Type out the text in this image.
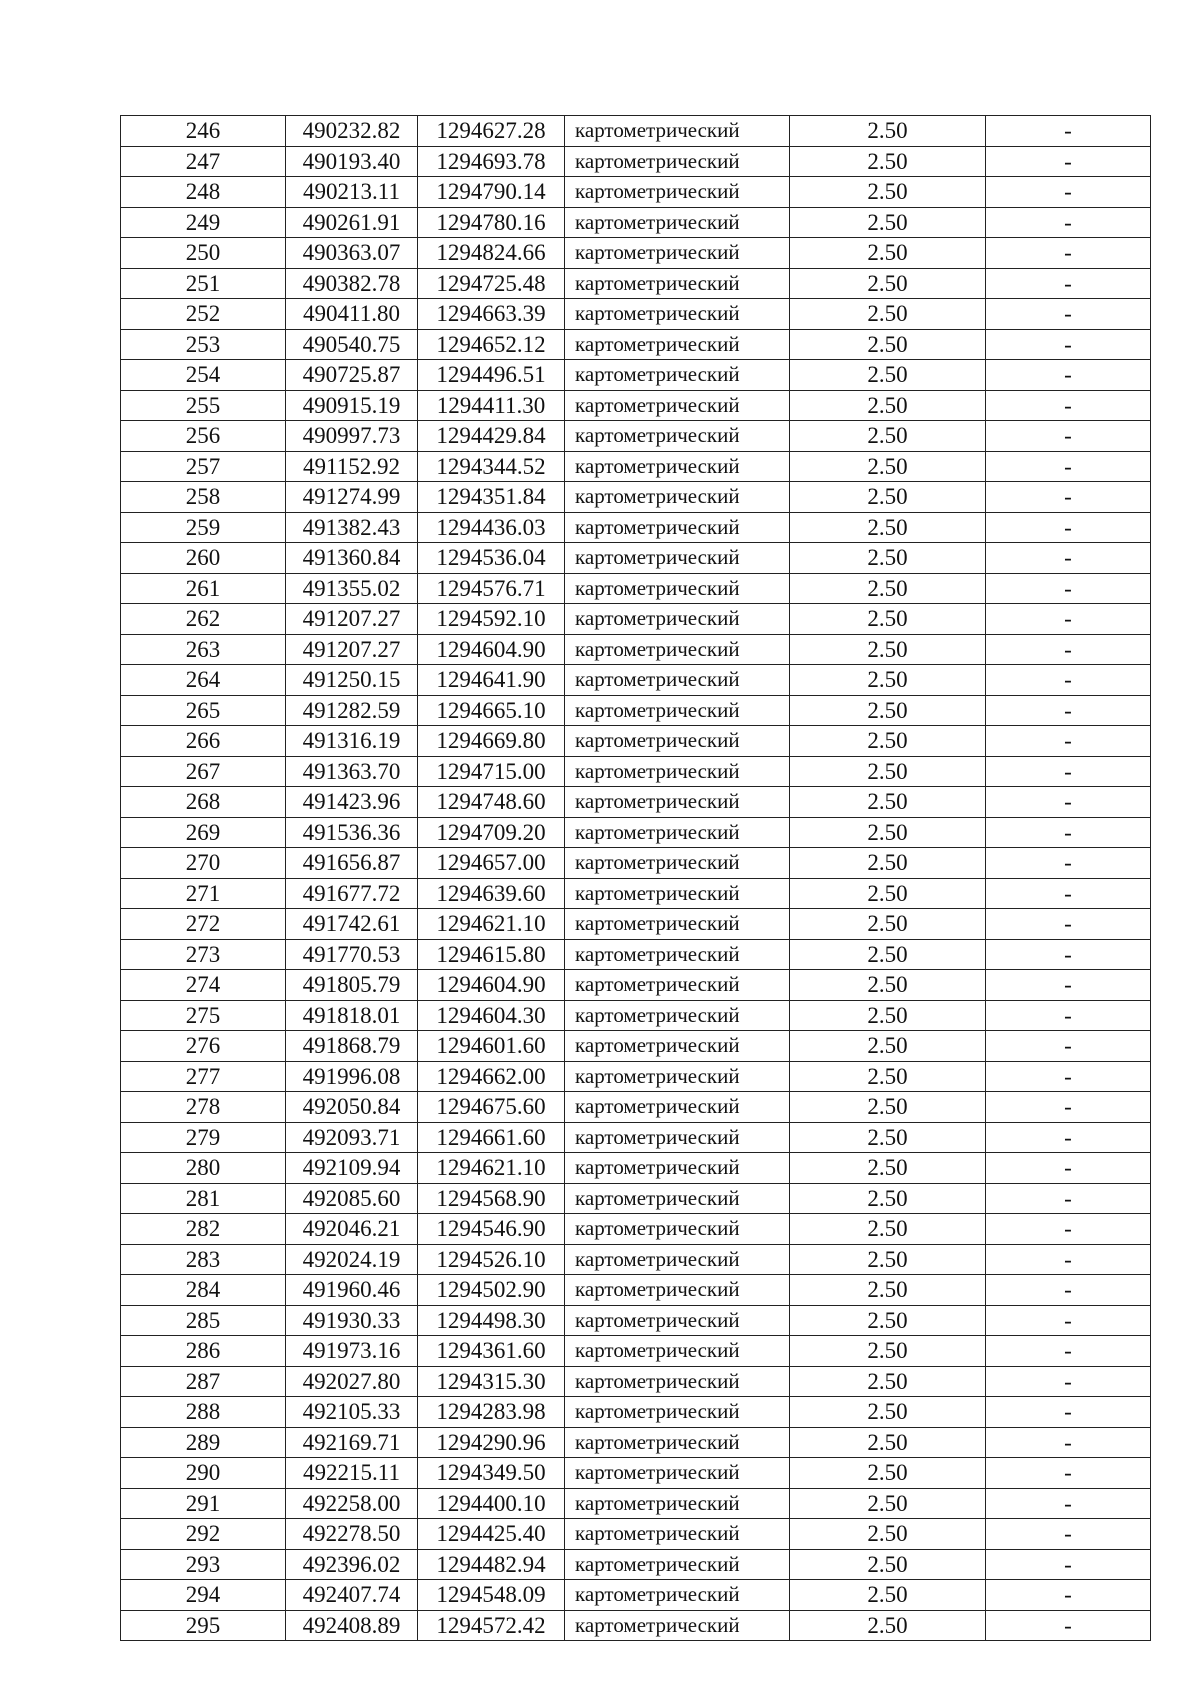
246	490232.82	1294627.28	картометрический	2.50	-
247	490193.40	1294693.78	картометрический	2.50	-
248	490213.11	1294790.14	картометрический	2.50	-
249	490261.91	1294780.16	картометрический	2.50	-
250	490363.07	1294824.66	картометрический	2.50	-
251	490382.78	1294725.48	картометрический	2.50	-
252	490411.80	1294663.39	картометрический	2.50	-
253	490540.75	1294652.12	картометрический	2.50	-
254	490725.87	1294496.51	картометрический	2.50	-
255	490915.19	1294411.30	картометрический	2.50	-
256	490997.73	1294429.84	картометрический	2.50	-
257	491152.92	1294344.52	картометрический	2.50	-
258	491274.99	1294351.84	картометрический	2.50	-
259	491382.43	1294436.03	картометрический	2.50	-
260	491360.84	1294536.04	картометрический	2.50	-
261	491355.02	1294576.71	картометрический	2.50	-
262	491207.27	1294592.10	картометрический	2.50	-
263	491207.27	1294604.90	картометрический	2.50	-
264	491250.15	1294641.90	картометрический	2.50	-
265	491282.59	1294665.10	картометрический	2.50	-
266	491316.19	1294669.80	картометрический	2.50	-
267	491363.70	1294715.00	картометрический	2.50	-
268	491423.96	1294748.60	картометрический	2.50	-
269	491536.36	1294709.20	картометрический	2.50	-
270	491656.87	1294657.00	картометрический	2.50	-
271	491677.72	1294639.60	картометрический	2.50	-
272	491742.61	1294621.10	картометрический	2.50	-
273	491770.53	1294615.80	картометрический	2.50	-
274	491805.79	1294604.90	картометрический	2.50	-
275	491818.01	1294604.30	картометрический	2.50	-
276	491868.79	1294601.60	картометрический	2.50	-
277	491996.08	1294662.00	картометрический	2.50	-
278	492050.84	1294675.60	картометрический	2.50	-
279	492093.71	1294661.60	картометрический	2.50	-
280	492109.94	1294621.10	картометрический	2.50	-
281	492085.60	1294568.90	картометрический	2.50	-
282	492046.21	1294546.90	картометрический	2.50	-
283	492024.19	1294526.10	картометрический	2.50	-
284	491960.46	1294502.90	картометрический	2.50	-
285	491930.33	1294498.30	картометрический	2.50	-
286	491973.16	1294361.60	картометрический	2.50	-
287	492027.80	1294315.30	картометрический	2.50	-
288	492105.33	1294283.98	картометрический	2.50	-
289	492169.71	1294290.96	картометрический	2.50	-
290	492215.11	1294349.50	картометрический	2.50	-
291	492258.00	1294400.10	картометрический	2.50	-
292	492278.50	1294425.40	картометрический	2.50	-
293	492396.02	1294482.94	картометрический	2.50	-
294	492407.74	1294548.09	картометрический	2.50	-
295	492408.89	1294572.42	картометрический	2.50	-
